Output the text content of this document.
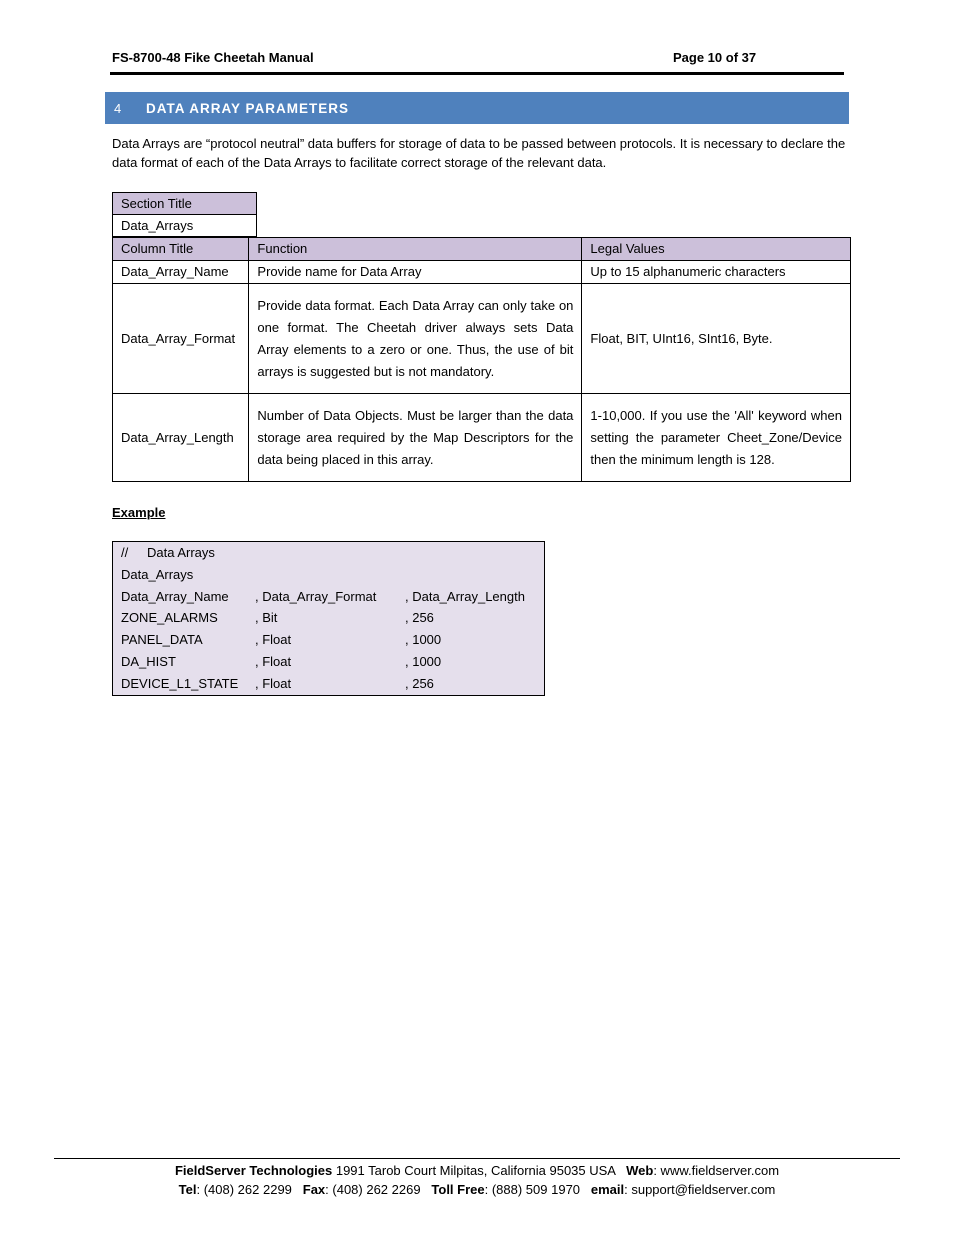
FS-8700-48 Fike Cheetah Manual	Page 10 of 37
4	DATA ARRAY PARAMETERS
Data Arrays are “protocol neutral” data buffers for storage of data to be passed between protocols. It is necessary to declare the data format of each of the Data Arrays to facilitate correct storage of the relevant data.
Section Title
Data_Arrays
Column Title	Function	Legal Values
Data_Array_Name	Provide name for Data Array	Up to 15 alphanumeric characters
Data_Array_Format	Provide data format. Each Data Array can only take on one format. The Cheetah driver always sets Data Array elements to a zero or one. Thus, the use of bit arrays is suggested but is not mandatory.	Float, BIT, UInt16, SInt16, Byte.
Data_Array_Length	Number of Data Objects. Must be larger than the data storage area required by the Map Descriptors for the data being placed in this array.	1-10,000. If you use the 'All' keyword when setting the parameter Cheet_Zone/Device then the minimum length is 128.
Example
// Data Arrays
Data_Arrays
Data_Array_Name , Data_Array_Format , Data_Array_Length
ZONE_ALARMS	, Bit	, 256
PANEL_DATA	, Float	, 1000
DA_HIST	, Float	, 1000
DEVICE_L1_STATE , Float	, 256
FieldServer Technologies 1991 Tarob Court Milpitas, California 95035 USA   Web: www.fieldserver.com
Tel: (408) 262 2299   Fax: (408) 262 2269   Toll Free: (888) 509 1970   email: support@fieldserver.com
